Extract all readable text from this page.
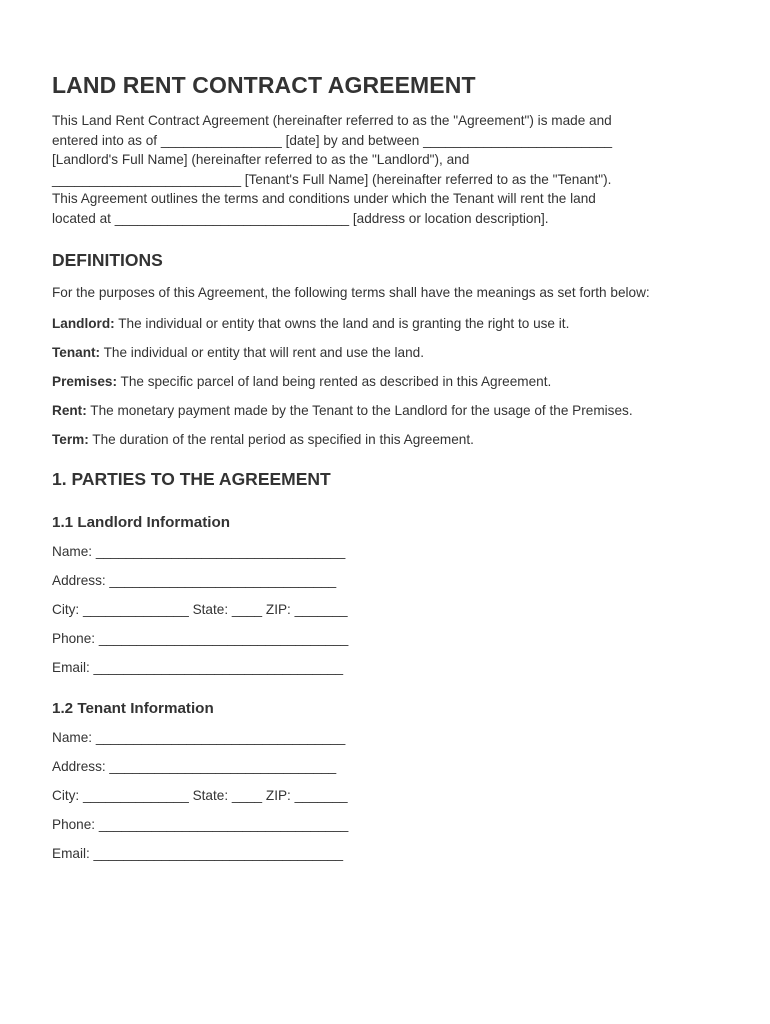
LAND RENT CONTRACT AGREEMENT

This Land Rent Contract Agreement (hereinafter referred to as the "Agreement") is made and
entered into as of ________________ [date] by and between _________________________
[Landlord's Full Name] (hereinafter referred to as the "Landlord"), and
_________________________ [Tenant's Full Name] (hereinafter referred to as the "Tenant").
This Agreement outlines the terms and conditions under which the Tenant will rent the land
located at _______________________________ [address or location description].

DEFINITIONS

For the purposes of this Agreement, the following terms shall have the meanings as set forth below:

Landlord: The individual or entity that owns the land and is granting the right to use it.

Tenant: The individual or entity that will rent and use the land.

Premises: The specific parcel of land being rented as described in this Agreement.

Rent: The monetary payment made by the Tenant to the Landlord for the usage of the Premises.

Term: The duration of the rental period as specified in this Agreement.

1. PARTIES TO THE AGREEMENT
1.1 Landlord Information

Name: _________________________________

Address: ______________________________

City: ______________ State: ____ ZIP: _______

Phone: _________________________________

Email: _________________________________

1.2 Tenant Information

Name: _________________________________

Address: ______________________________

City: ______________ State: ____ ZIP: _______

Phone: _________________________________

Email: _________________________________
